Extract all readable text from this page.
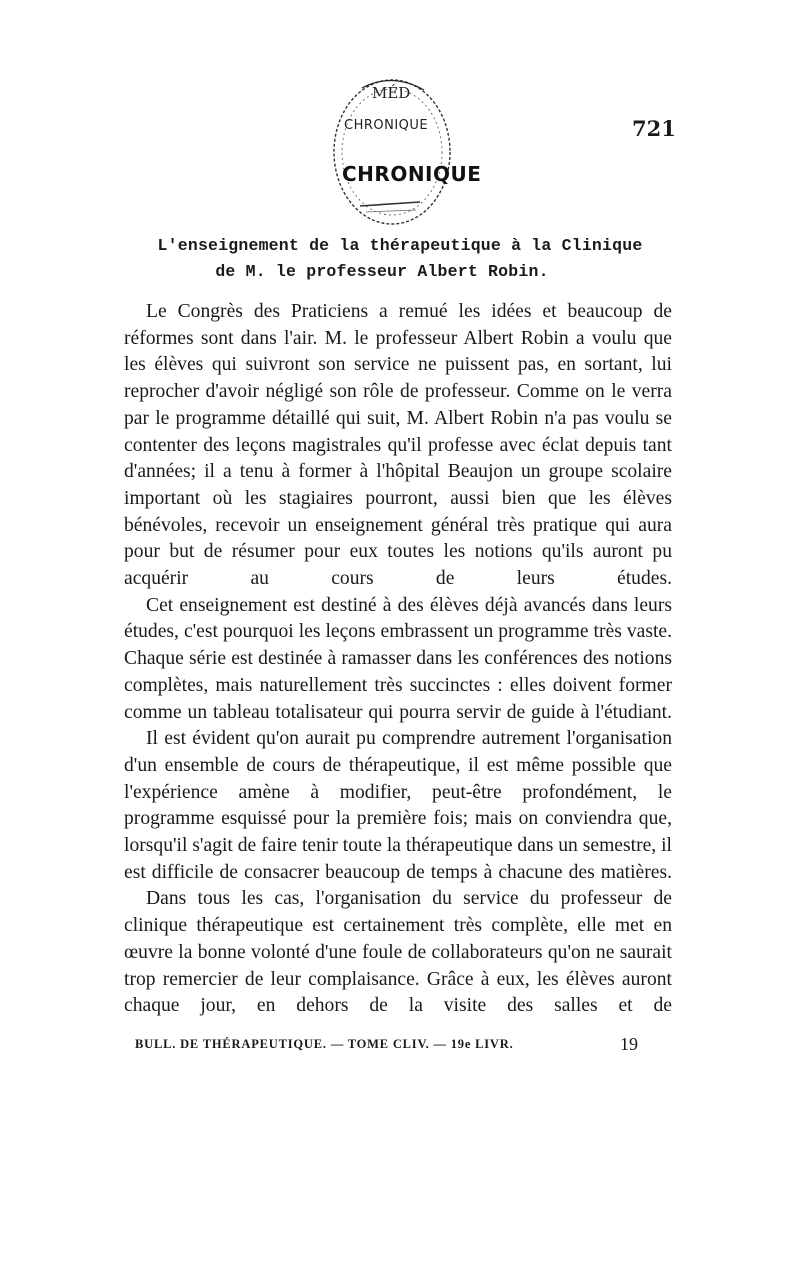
MÉD
CHRONIQUE
CHRONIQUE
721
L'enseignement de la thérapeutique à la Clinique
de M. le professeur Albert Robin.

Le Congrès des Praticiens a remué les idées et beaucoup de réformes sont dans l'air. M. le professeur Albert Robin a voulu que les élèves qui suivront son service ne puissent pas, en sortant, lui reprocher d'avoir négligé son rôle de professeur. Comme on le verra par le programme détaillé qui suit, M. Albert Robin n'a pas voulu se contenter des leçons magistrales qu'il professe avec éclat depuis tant d'années; il a tenu à former à l'hôpital Beaujon un groupe scolaire important où les stagiaires pourront, aussi bien que les élèves bénévoles, recevoir un enseignement général très pratique qui aura pour but de résumer pour eux toutes les notions qu'ils auront pu acquérir au cours de leurs études.

Cet enseignement est destiné à des élèves déjà avancés dans leurs études, c'est pourquoi les leçons embrassent un programme très vaste. Chaque série est destinée à ramasser dans les conférences des notions complètes, mais naturellement très succinctes : elles doivent former comme un tableau totalisateur qui pourra servir de guide à l'étudiant.

Il est évident qu'on aurait pu comprendre autrement l'organisation d'un ensemble de cours de thérapeutique, il est même possible que l'expérience amène à modifier, peut-être profondément, le programme esquissé pour la première fois; mais on conviendra que, lorsqu'il s'agit de faire tenir toute la thérapeutique dans un semestre, il est difficile de consacrer beaucoup de temps à chacune des matières.

Dans tous les cas, l'organisation du service du professeur de clinique thérapeutique est certainement très complète, elle met en œuvre la bonne volonté d'une foule de collaborateurs qu'on ne saurait trop remercier de leur complaisance. Grâce à eux, les élèves auront chaque jour, en dehors de la visite des salles et de

BULL. DE THÉRAPEUTIQUE. — TOME CLIV. — 19e LIVR.	19
